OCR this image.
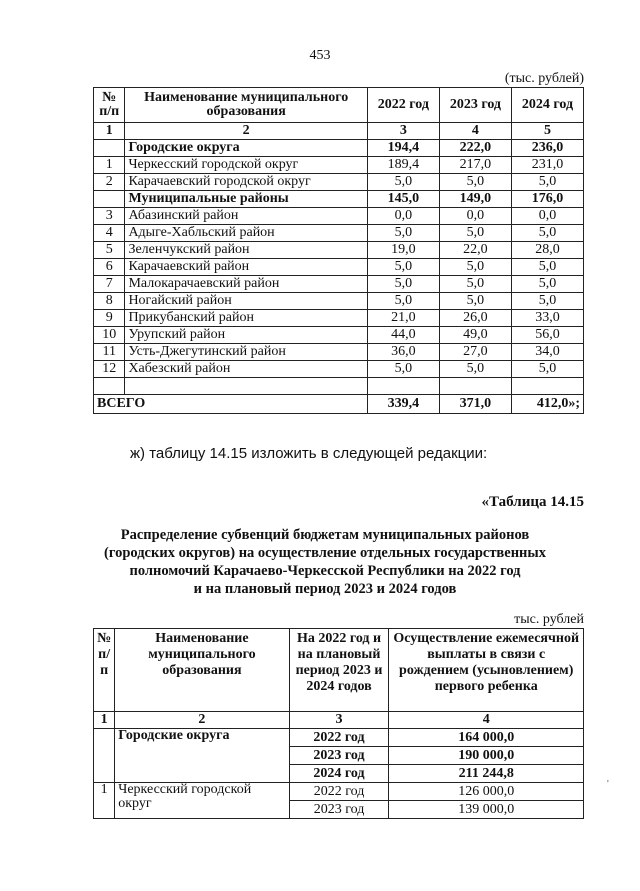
453
(тыс. рублей)
№ п/п	Наименование муниципального образования	2022 год	2023 год	2024 год
1	2	3	4	5
	Городские округа	194,4	222,0	236,0
1	Черкесский городской округ	189,4	217,0	231,0
2	Карачаевский городской округ	5,0	5,0	5,0
	Муниципальные районы	145,0	149,0	176,0
3	Абазинский район	0,0	0,0	0,0
4	Адыге-Хабльский район	5,0	5,0	5,0
5	Зеленчукский район	19,0	22,0	28,0
6	Карачаевский район	5,0	5,0	5,0
7	Малокарачаевский район	5,0	5,0	5,0
8	Ногайский район	5,0	5,0	5,0
9	Прикубанский район	21,0	26,0	33,0
10	Урупский район	44,0	49,0	56,0
11	Усть-Джегутинский район	36,0	27,0	34,0
12	Хабезский район	5,0	5,0	5,0

ВСЕГО		339,4	371,0	412,0»;
ж) таблицу 14.15 изложить в следующей редакции:
«Таблица 14.15
Распределение субвенций бюджетам муниципальных районов
(городских округов) на осуществление отдельных государственных
полномочий Карачаево-Черкесской Республики на 2022 год
и на плановый период 2023 и 2024 годов
тыс. рублей
№ п/ п	Наименование муниципального образования	На 2022 год и на плановый период 2023 и 2024 годов	Осуществление ежемесячной выплаты в связи с рождением (усыновлением) первого ребенка
1	2	3	4
	Городские округа	2022 год	164 000,0
		2023 год	190 000,0
		2024 год	211 244,8
1	Черкесский городской округ	2022 год	126 000,0
		2023 год	139 000,0
'
